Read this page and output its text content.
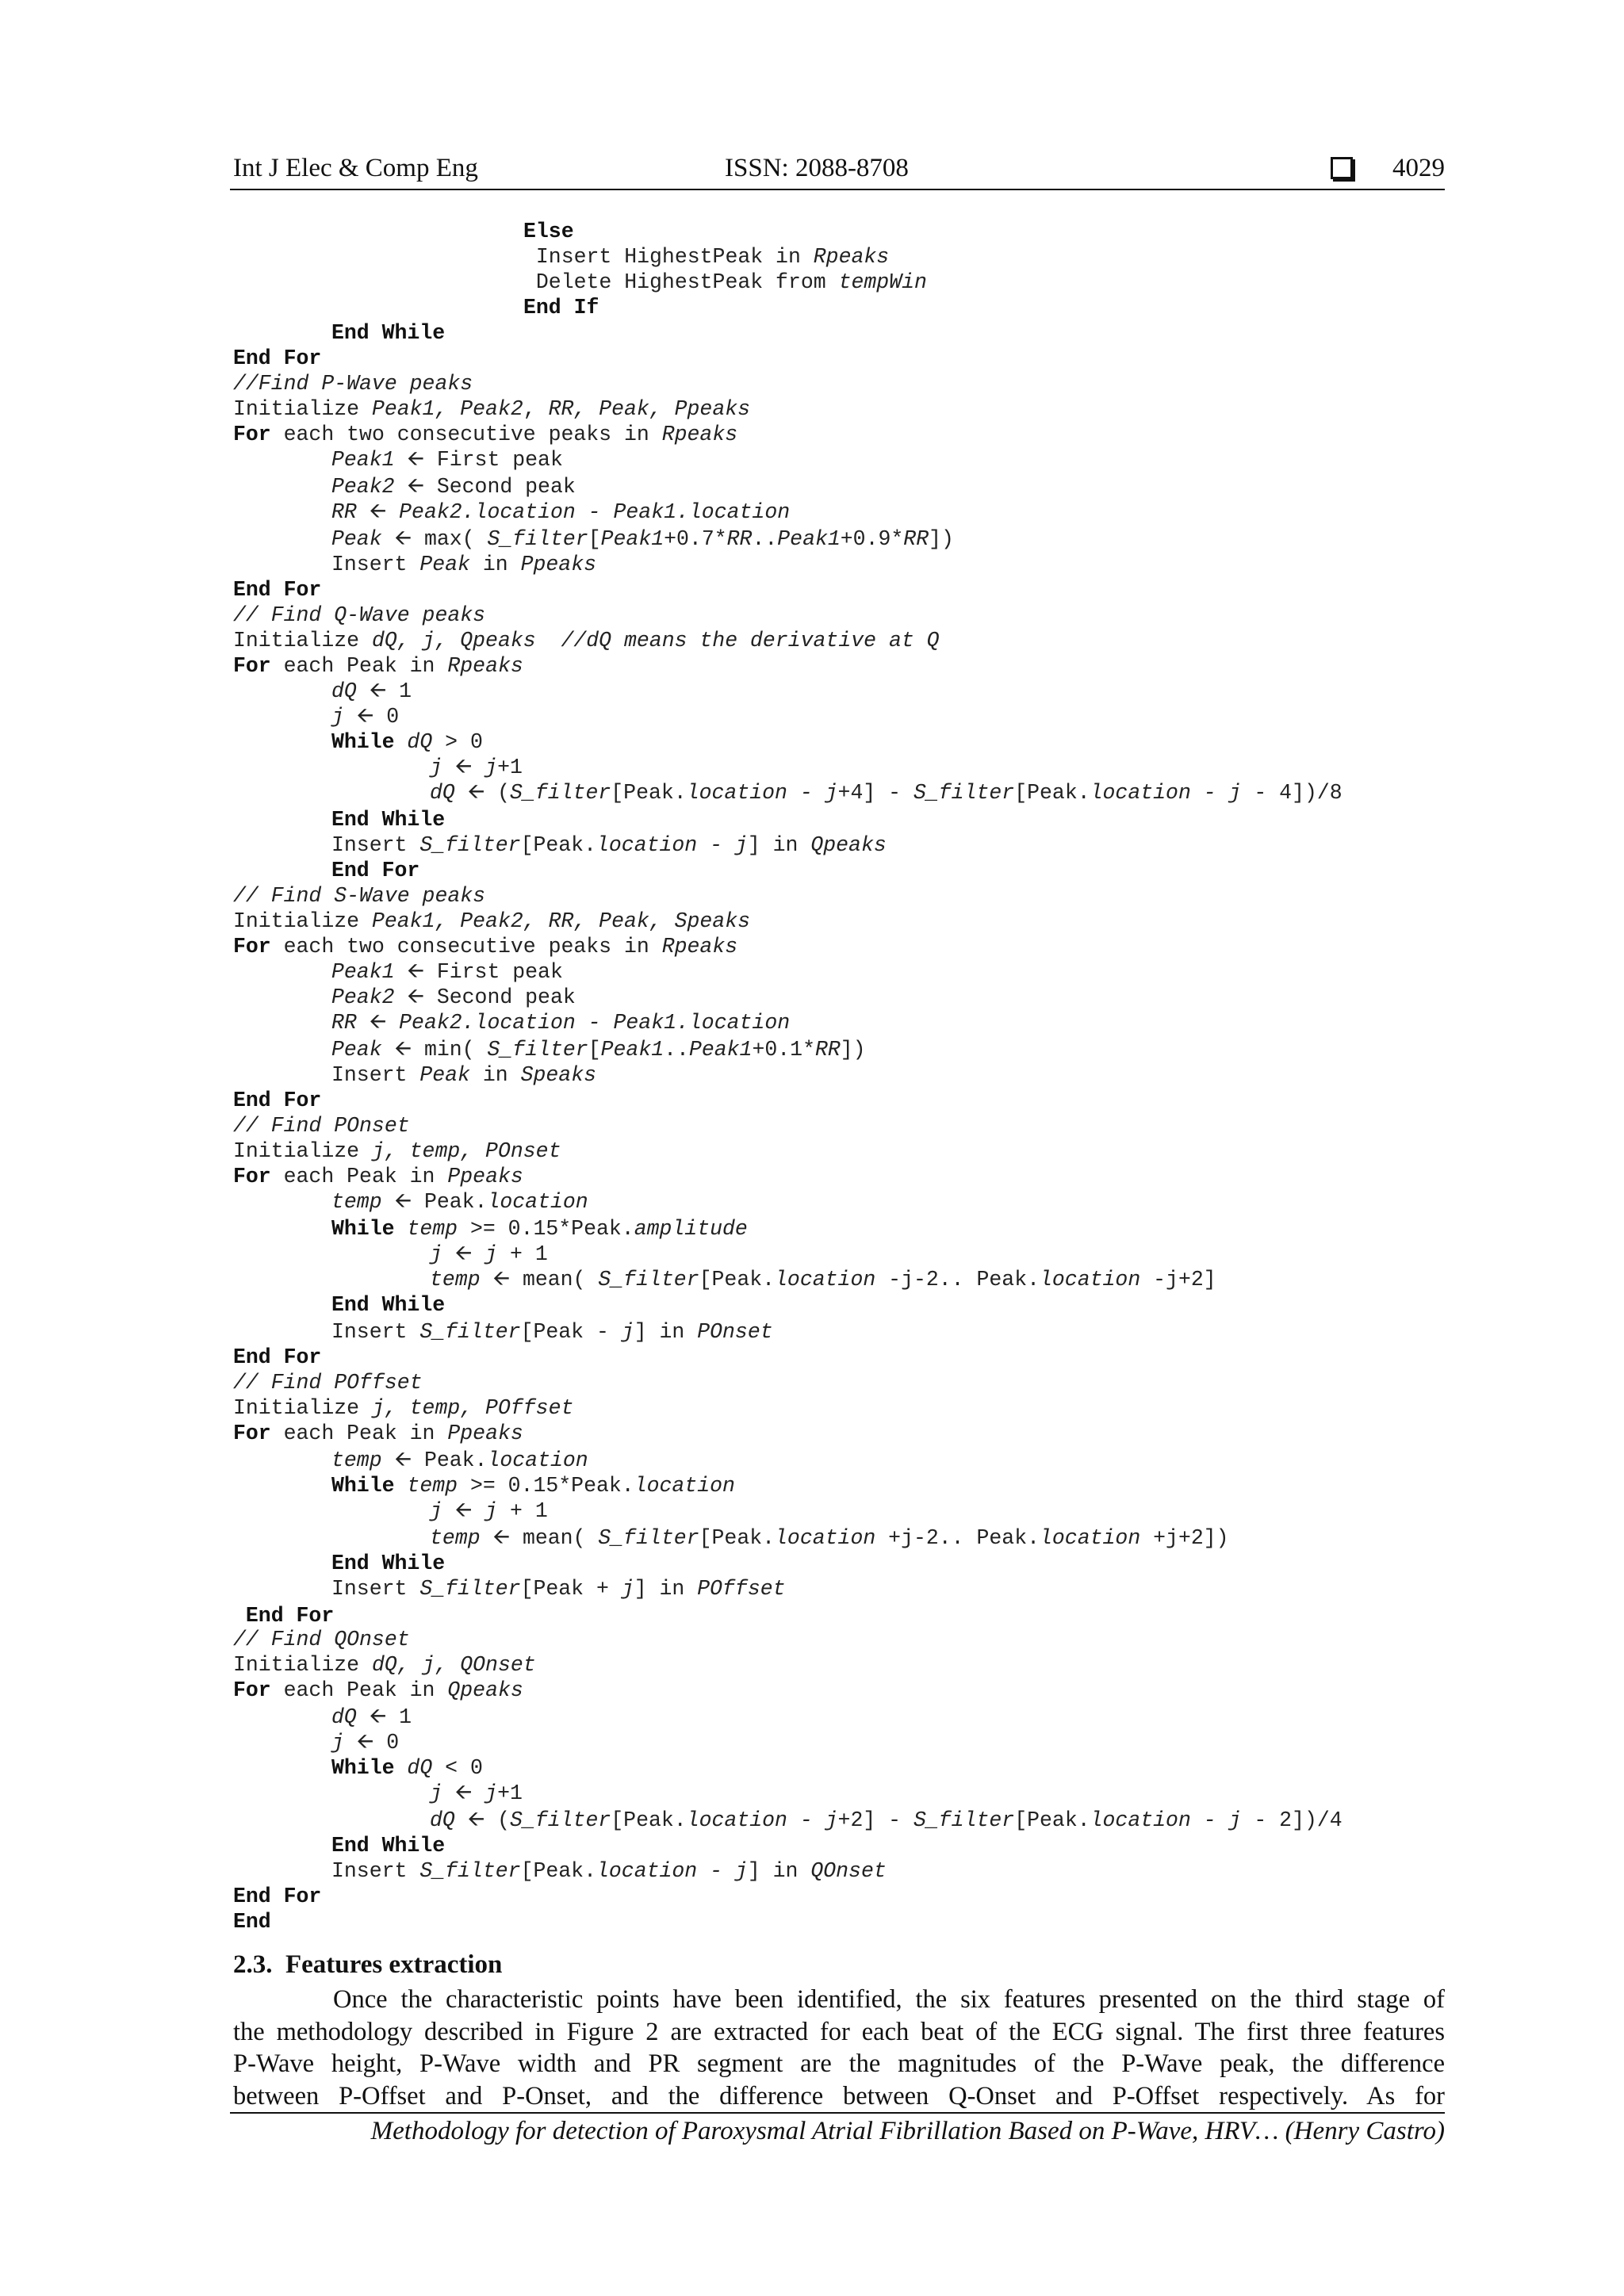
Int J Elec & Comp Eng	ISSN: 2088-8708	4029
Else
Insert HighestPeak in Rpeaks
Delete HighestPeak from tempWin
End If
End While
End For
//Find P-Wave peaks
Initialize Peak1, Peak2, RR, Peak, Ppeaks
For each two consecutive peaks in Rpeaks
Peak1 🡨 First peak
Peak2 🡨 Second peak
RR 🡨 Peak2.location - Peak1.location
Peak 🡨 max( S_filter[Peak1+0.7*RR..Peak1+0.9*RR])
Insert Peak in Ppeaks
End For
// Find Q-Wave peaks
Initialize dQ, j, Qpeaks  //dQ means the derivative at Q
For each Peak in Rpeaks
dQ 🡨 1
j 🡨 0
While dQ > 0
j 🡨 j+1
dQ 🡨 (S_filter[Peak.location - j+4] - S_filter[Peak.location - j - 4])/8
End While
Insert S_filter[Peak.location - j] in Qpeaks
End For
// Find S-Wave peaks
Initialize Peak1, Peak2, RR, Peak, Speaks
For each two consecutive peaks in Rpeaks
Peak1 🡨 First peak
Peak2 🡨 Second peak
RR 🡨 Peak2.location - Peak1.location
Peak 🡨 min( S_filter[Peak1..Peak1+0.1*RR])
Insert Peak in Speaks
End For
// Find POnset
Initialize j, temp, POnset
For each Peak in Ppeaks
temp 🡨 Peak.location
While temp >= 0.15*Peak.amplitude
j 🡨 j + 1
temp 🡨 mean( S_filter[Peak.location -j-2.. Peak.location -j+2]
End While
Insert S_filter[Peak - j] in POnset
End For
// Find POffset
Initialize j, temp, POffset
For each Peak in Ppeaks
temp 🡨 Peak.location
While temp >= 0.15*Peak.location
j 🡨 j + 1
temp 🡨 mean( S_filter[Peak.location +j-2.. Peak.location +j+2])
End While
Insert S_filter[Peak + j] in POffset
End For
// Find QOnset
Initialize dQ, j, QOnset
For each Peak in Qpeaks
dQ 🡨 1
j 🡨 0
While dQ < 0
j 🡨 j+1
dQ 🡨 (S_filter[Peak.location - j+2] - S_filter[Peak.location - j - 2])/4
End While
Insert S_filter[Peak.location - j] in QOnset
End For
End
2.3. Features extraction
Once the characteristic points have been identified, the six features presented on the third stage of
the methodology described in Figure 2 are extracted for each beat of the ECG signal. The first three features
P-Wave height, P-Wave width and PR segment are the magnitudes of the P-Wave peak, the difference
between P-Offset and P-Onset, and the difference between Q-Onset and P-Offset respectively. As for
Methodology for detection of Paroxysmal Atrial Fibrillation Based on P-Wave, HRV… (Henry Castro)
